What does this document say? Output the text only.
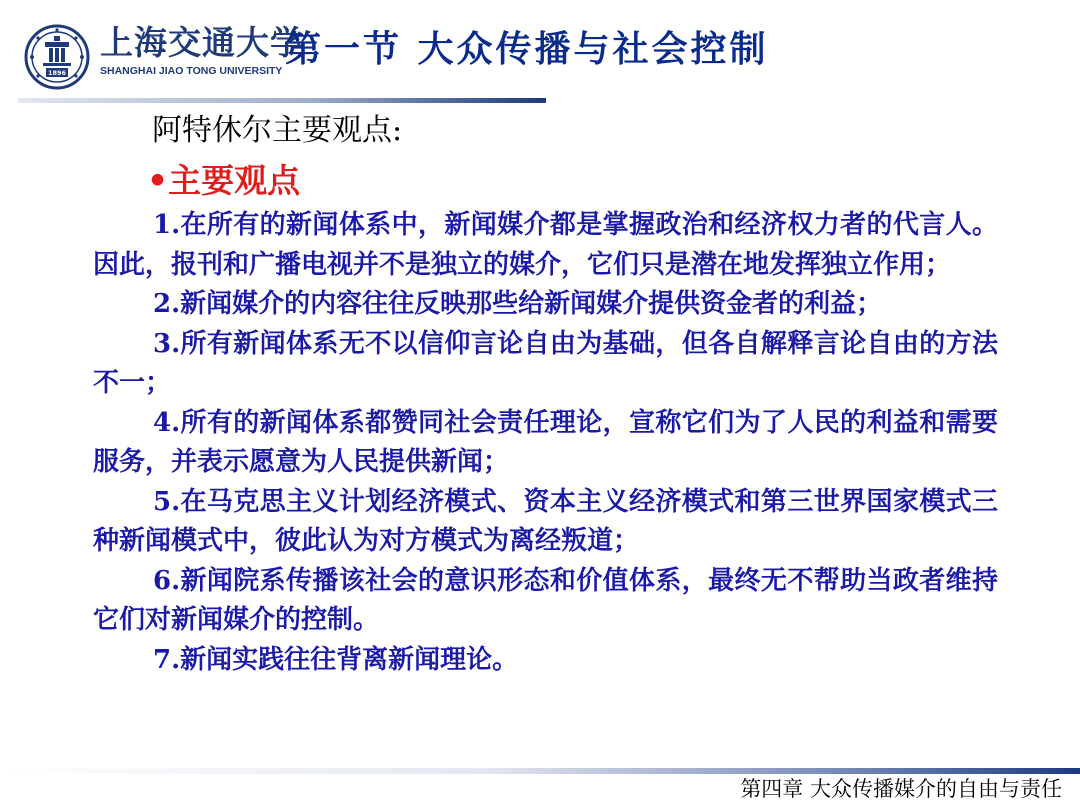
1896
上海交通大学
SHANGHAI JIAO TONG UNIVERSITY
第一节 大众传播与社会控制
阿特休尔主要观点:
•主要观点

1.在所有的新闻体系中，新闻媒介都是掌握政治和经济权力者的代言人。因此，报刊和广播电视并不是独立的媒介，它们只是潜在地发挥独立作用；

2.新闻媒介的内容往往反映那些给新闻媒介提供资金者的利益；

3.所有新闻体系无不以信仰言论自由为基础，但各自解释言论自由的方法不一；

4.所有的新闻体系都赞同社会责任理论，宣称它们为了人民的利益和需要服务，并表示愿意为人民提供新闻；

5.在马克思主义计划经济模式、资本主义经济模式和第三世界国家模式三种新闻模式中，彼此认为对方模式为离经叛道；

6.新闻院系传播该社会的意识形态和价值体系，最终无不帮助当政者维持它们对新闻媒介的控制。

7.新闻实践往往背离新闻理论。

第四章 大众传播媒介的自由与责任
